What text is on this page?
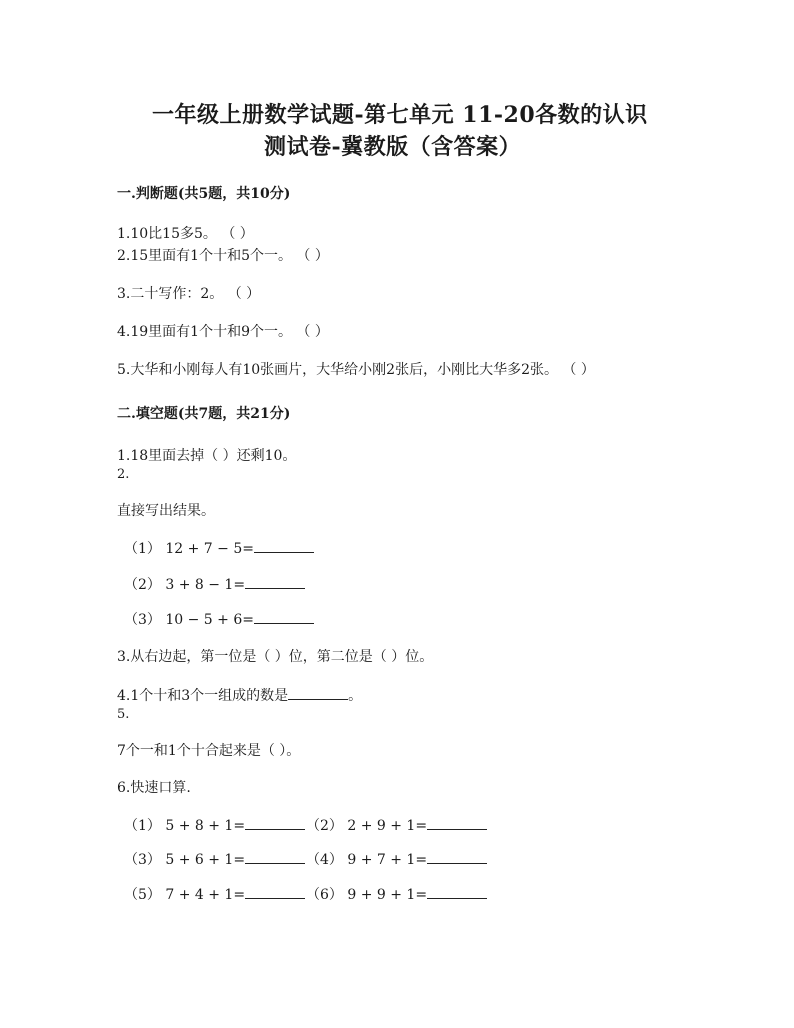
一年级上册数学试题-第七单元 11-20各数的认识
测试卷-冀教版（含答案）
一.判断题(共5题，共10分)
1.10比15多5。 （ ）
2.15里面有1个十和5个一。 （ ）
3.二十写作：2。 （ ）
4.19里面有1个十和9个一。 （ ）
5.大华和小刚每人有10张画片，大华给小刚2张后，小刚比大华多2张。 （ ）
二.填空题(共7题，共21分)
1.18里面去掉（ ）还剩10。
2.
直接写出结果。
（1） 12 + 7 − 5=
（2） 3 + 8 − 1=
（3） 10 − 5 + 6=
3.从右边起，第一位是（ ）位，第二位是（ ）位。
4.1个十和3个一组成的数是	。
5.
7个一和1个十合起来是（ ）。
6.快速口算.
（1） 5 + 8 + 1=	（2） 2 + 9 + 1=
（3） 5 + 6 + 1=	（4） 9 + 7 + 1=
（5） 7 + 4 + 1=	（6） 9 + 9 + 1=
